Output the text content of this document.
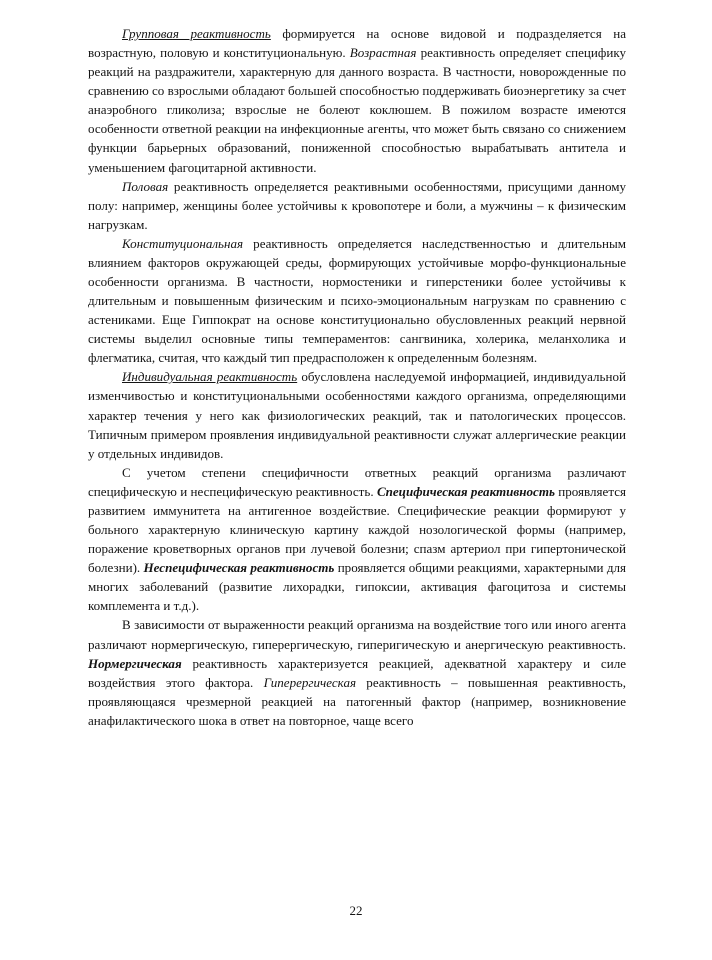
Групповая реактивность формируется на основе видовой и подразделяется на возрастную, половую и конституциональную. Возрастная реактивность определяет специфику реакций на раздражители, характерную для данного возраста. В частности, новорожденные по сравнению со взрослыми обладают большей способностью поддерживать биоэнергетику за счет анаэробного гликолиза; взрослые не болеют коклюшем. В пожилом возрасте имеются особенности ответной реакции на инфекционные агенты, что может быть связано со снижением функции барьерных образований, пониженной способностью вырабатывать антитела и уменьшением фагоцитарной активности.

Половая реактивность определяется реактивными особенностями, присущими данному полу: например, женщины более устойчивы к кровопотере и боли, а мужчины – к физическим нагрузкам.

Конституциональная реактивность определяется наследственностью и длительным влиянием факторов окружающей среды, формирующих устойчивые морфо-функциональные особенности организма. В частности, нормостеники и гиперстеники более устойчивы к длительным и повышенным физическим и психо-эмоциональным нагрузкам по сравнению с астениками. Еще Гиппократ на основе конституционально обусловленных реакций нервной системы выделил основные типы темпераментов: сангвиника, холерика, меланхолика и флегматика, считая, что каждый тип предрасположен к определенным болезням.

Индивидуальная реактивность обусловлена наследуемой информацией, индивидуальной изменчивостью и конституциональными особенностями каждого организма, определяющими характер течения у него как физиологических реакций, так и патологических процессов. Типичным примером проявления индивидуальной реактивности служат аллергические реакции у отдельных индивидов.

С учетом степени специфичности ответных реакций организма различают специфическую и неспецифическую реактивность. Специфическая реактивность проявляется развитием иммунитета на антигенное воздействие. Специфические реакции формируют у больного характерную клиническую картину каждой нозологической формы (например, поражение кроветворных органов при лучевой болезни; спазм артериол при гипертонической болезни). Неспецифическая реактивность проявляется общими реакциями, характерными для многих заболеваний (развитие лихорадки, гипоксии, активация фагоцитоза и системы комплемента и т.д.).

В зависимости от выраженности реакций организма на воздействие того или иного агента различают нормергическую, гиперергическую, гиперигическую и анергическую реактивность. Нормергическая реактивность характеризуется реакцией, адекватной характеру и силе воздействия этого фактора. Гиперергическая реактивность – повышенная реактивность, проявляющаяся чрезмерной реакцией на патогенный фактор (например, возникновение анафилактического шока в ответ на повторное, чаще всего

22
